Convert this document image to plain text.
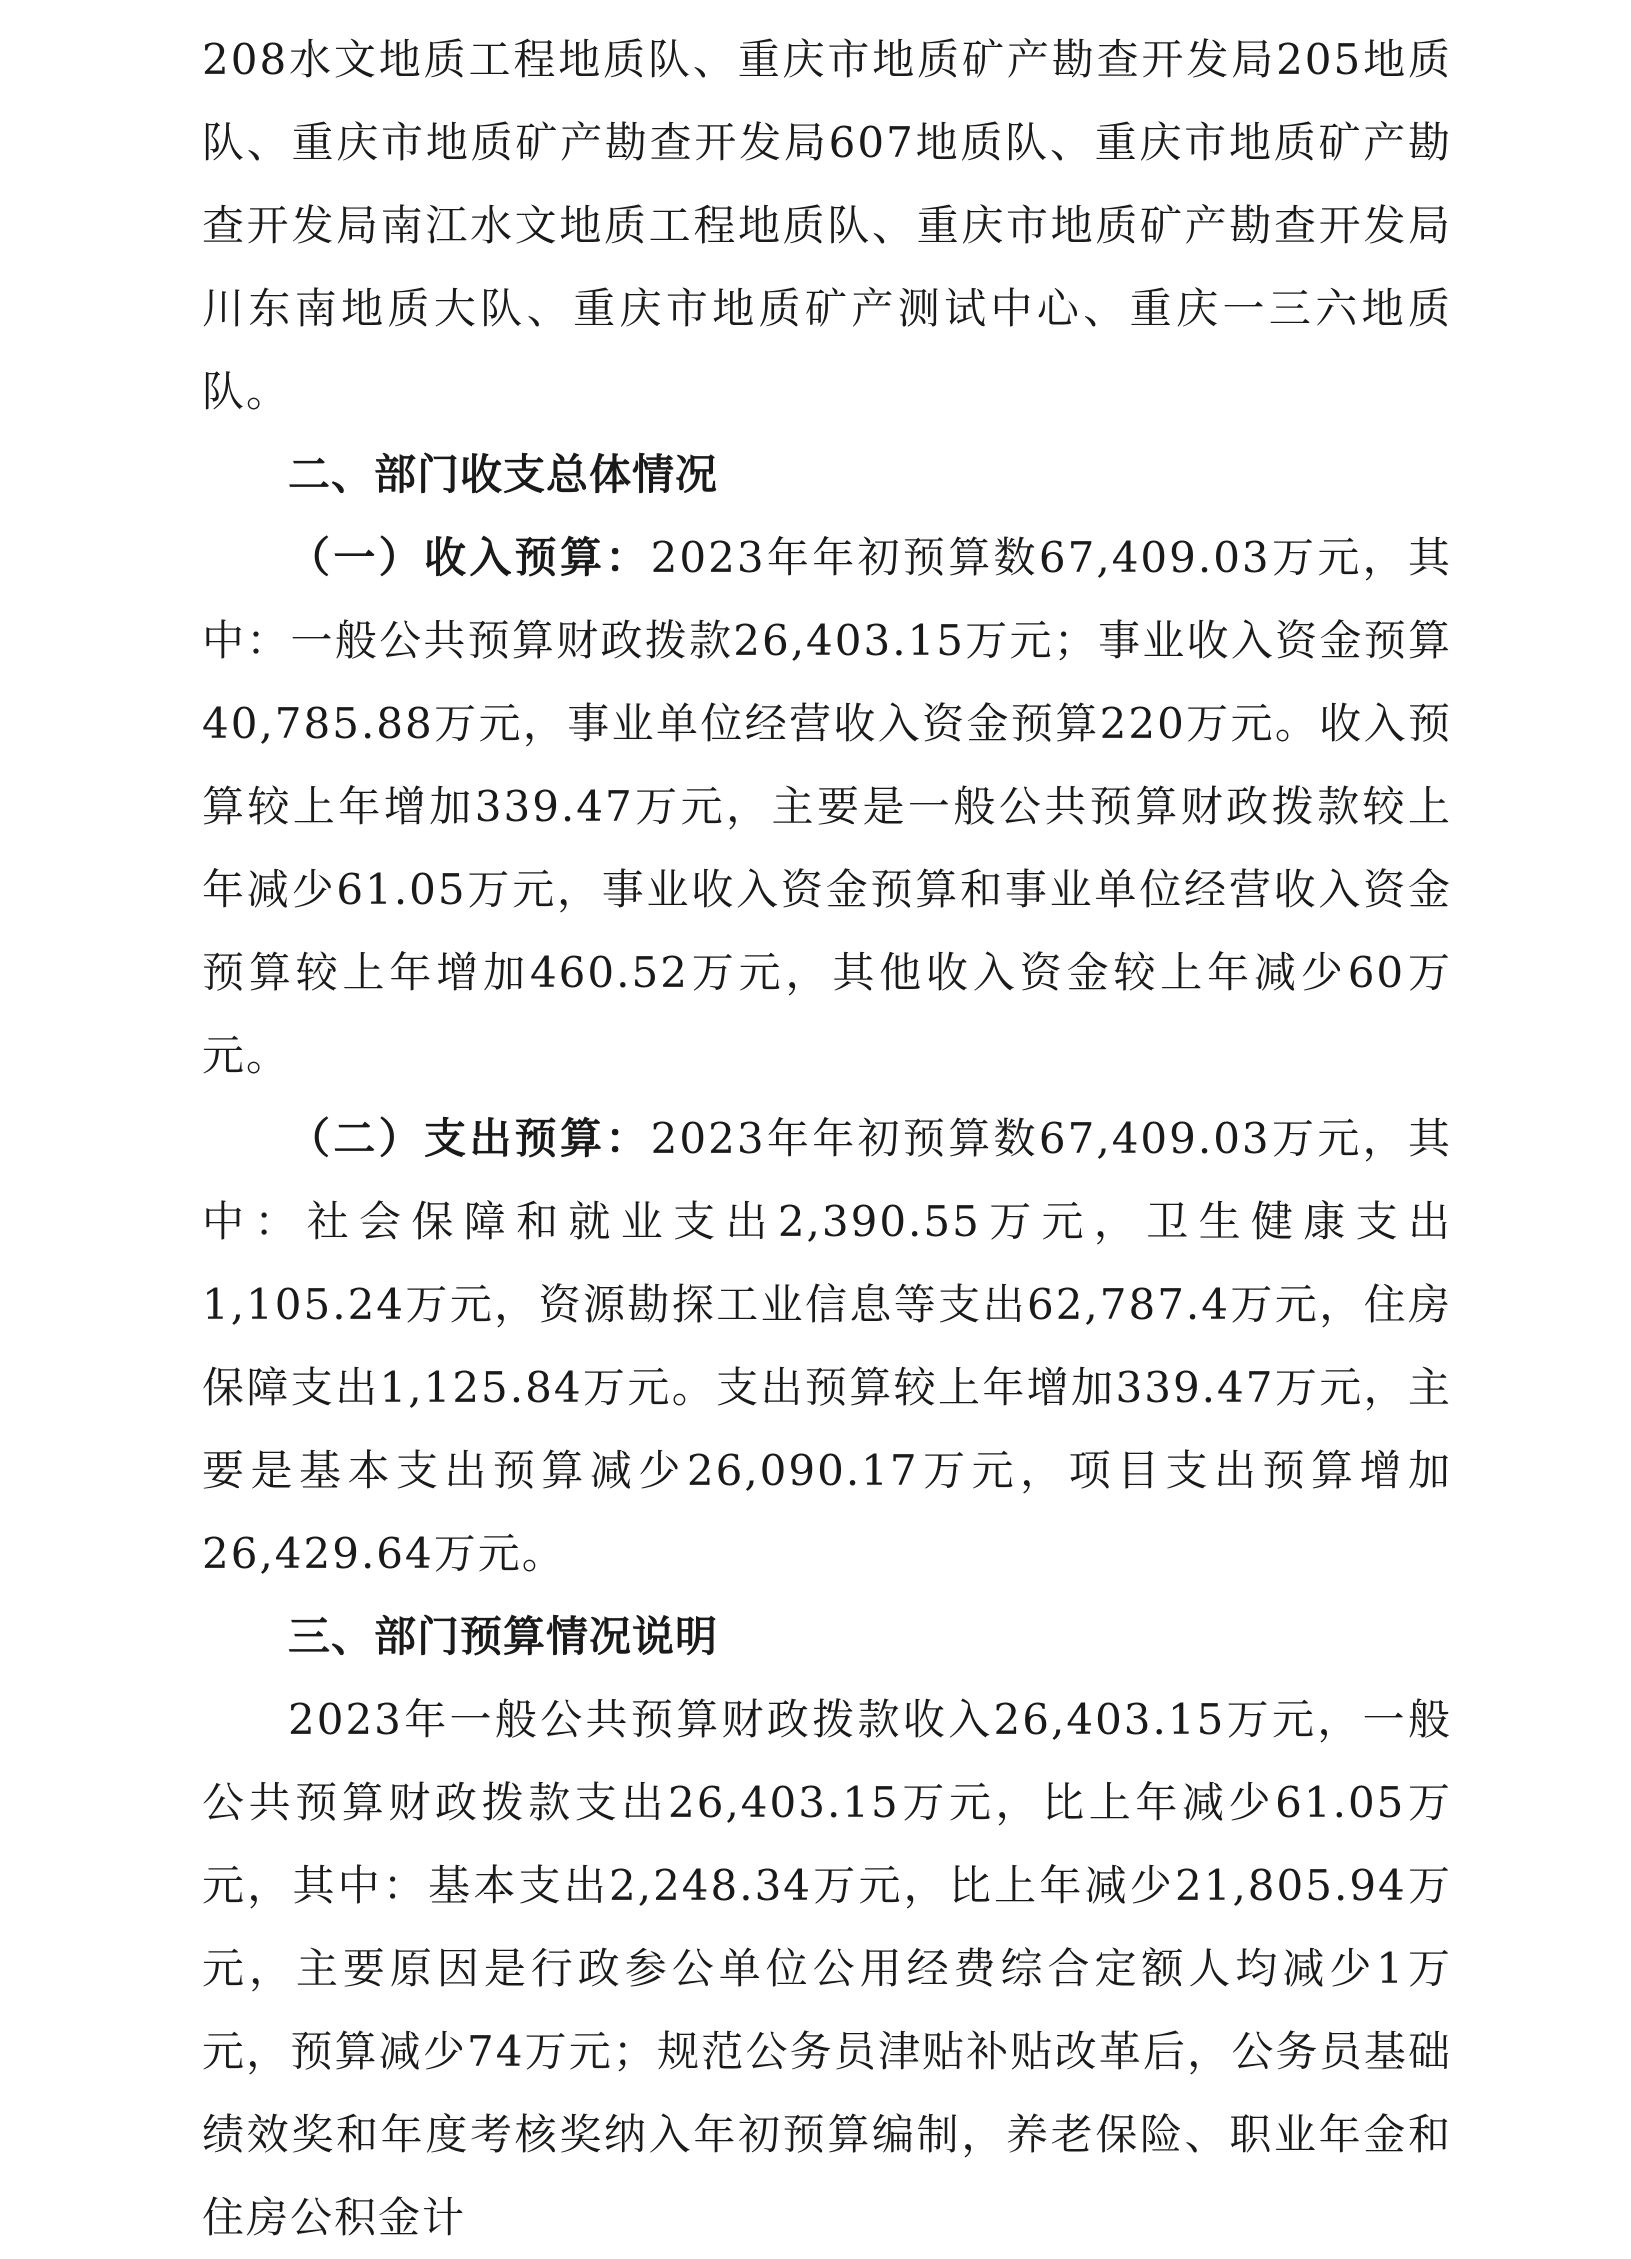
208水文地质工程地质队、重庆市地质矿产勘查开发局205地质队、重庆市地质矿产勘查开发局607地质队、重庆市地质矿产勘查开发局南江水文地质工程地质队、重庆市地质矿产勘查开发局川东南地质大队、重庆市地质矿产测试中心、重庆一三六地质队。

二、部门收支总体情况

（一）收入预算：2023年年初预算数67,409.03万元，其中：一般公共预算财政拨款26,403.15万元；事业收入资金预算40,785.88万元，事业单位经营收入资金预算220万元。收入预算较上年增加339.47万元，主要是一般公共预算财政拨款较上年减少61.05万元，事业收入资金预算和事业单位经营收入资金预算较上年增加460.52万元，其他收入资金较上年减少60万元。

（二）支出预算：2023年年初预算数67,409.03万元，其中：社会保障和就业支出2,390.55万元，卫生健康支出1,105.24万元，资源勘探工业信息等支出62,787.4万元，住房保障支出1,125.84万元。支出预算较上年增加339.47万元，主要是基本支出预算减少26,090.17万元，项目支出预算增加26,429.64万元。

三、部门预算情况说明

2023年一般公共预算财政拨款收入26,403.15万元，一般公共预算财政拨款支出26,403.15万元，比上年减少61.05万元，其中：基本支出2,248.34万元，比上年减少21,805.94万元，主要原因是行政参公单位公用经费综合定额人均减少1万元，预算减少74万元；规范公务员津贴补贴改革后，公务员基础绩效奖和年度考核奖纳入年初预算编制，养老保险、职业年金和住房公积金计
